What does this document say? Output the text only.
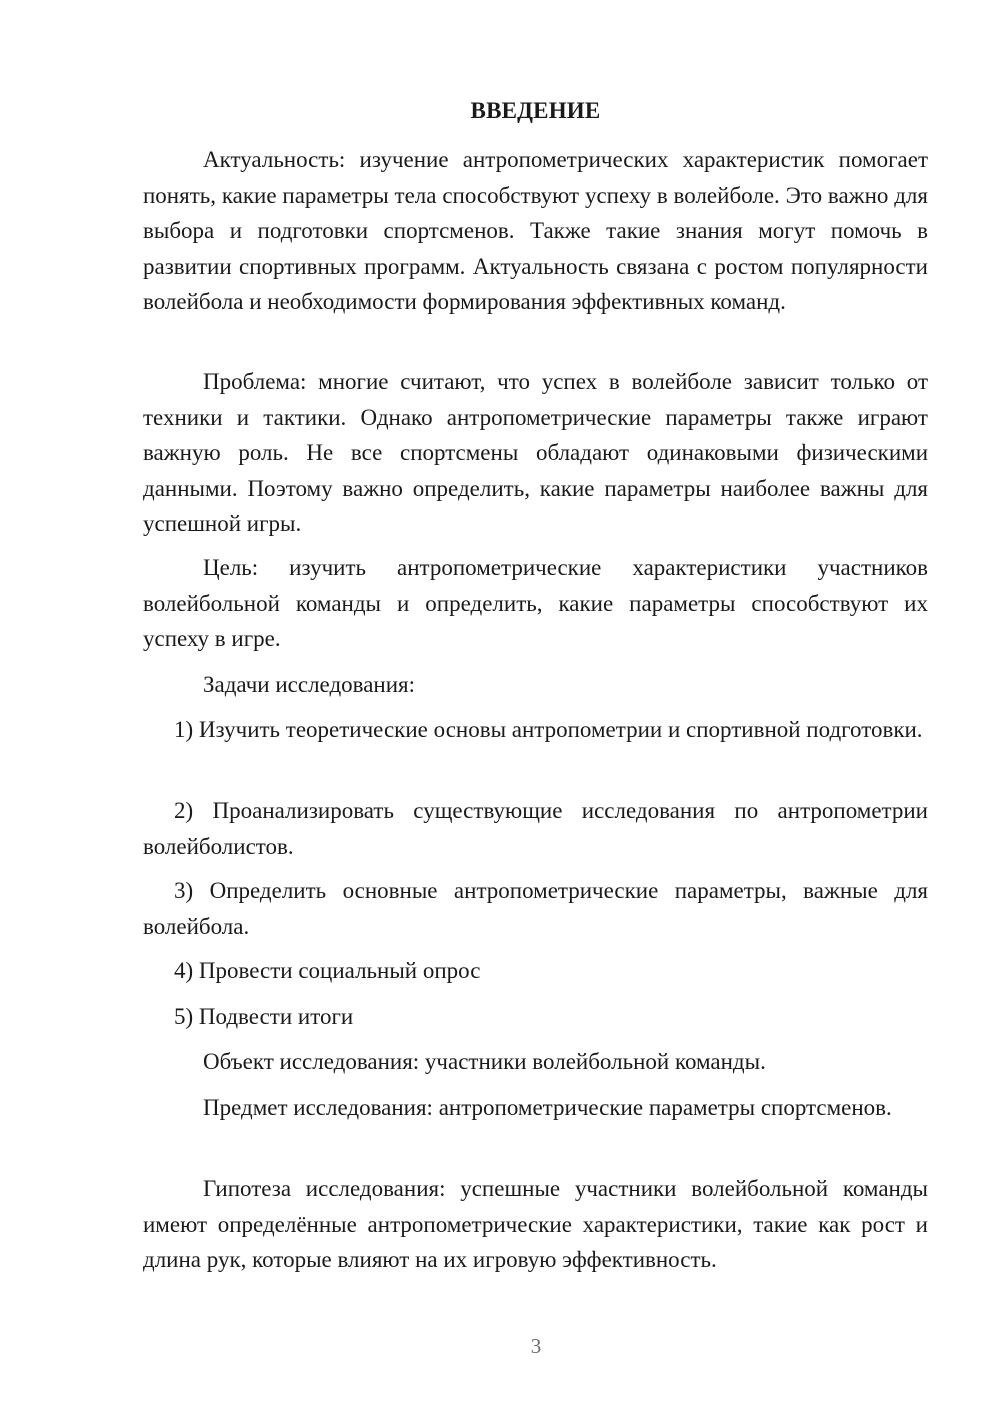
ВВЕДЕНИЕ

Актуальность: изучение антропометрических характеристик помогает понять, какие параметры тела способствуют успеху в волейболе. Это важно для выбора и подготовки спортсменов. Также такие знания могут помочь в развитии спортивных программ. Актуальность связана с ростом популярности волейбола и необходимости формирования эффективных команд.

Проблема: многие считают, что успех в волейболе зависит только от техники и тактики. Однако антропометрические параметры также играют важную роль. Не все спортсмены обладают одинаковыми физическими данными. Поэтому важно определить, какие параметры наиболее важны для успешной игры.

Цель: изучить антропометрические характеристики участников волейбольной команды и определить, какие параметры способствуют их успеху в игре.

Задачи исследования:

1) Изучить теоретические основы антропометрии и спортивной подготовки.

2) Проанализировать существующие исследования по антропометрии волейболистов.

3) Определить основные антропометрические параметры, важные для волейбола.

4) Провести социальный опрос

5) Подвести итоги

Объект исследования: участники волейбольной команды.

Предмет исследования: антропометрические параметры спортсменов.

Гипотеза исследования: успешные участники волейбольной команды имеют определённые антропометрические характеристики, такие как рост и длина рук, которые влияют на их игровую эффективность.

3
